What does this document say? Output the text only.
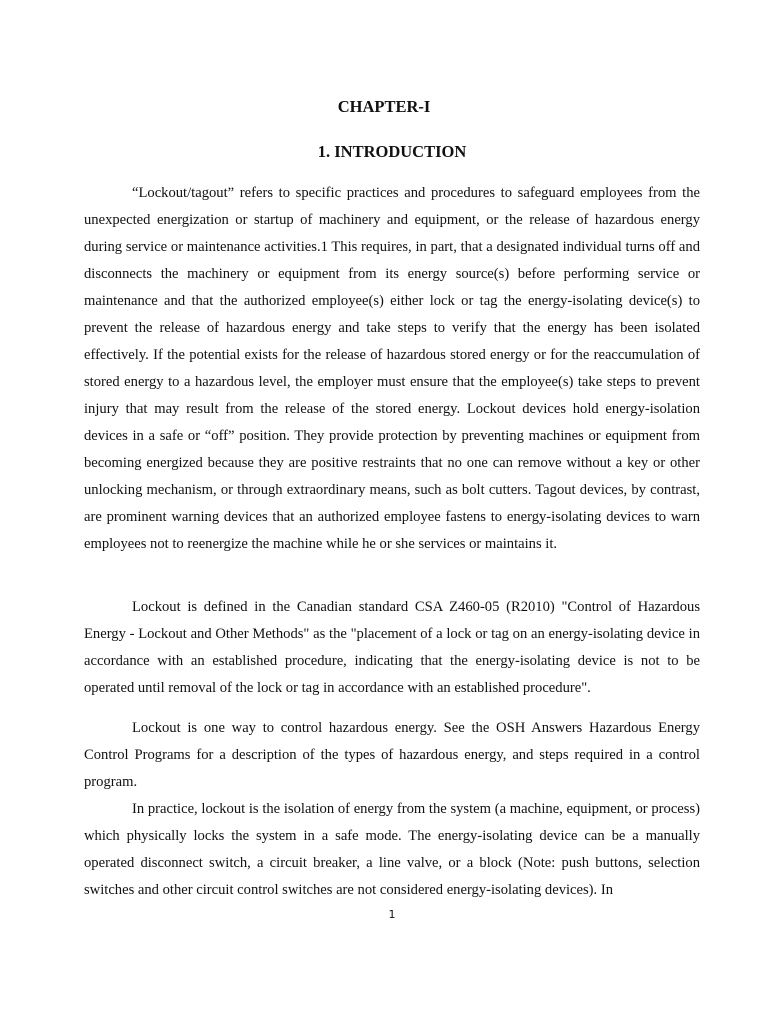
CHAPTER-I
1. INTRODUCTION

“Lockout/tagout” refers to specific practices and procedures to safeguard employees from the unexpected energization or startup of machinery and equipment, or the release of hazardous energy during service or maintenance activities.1 This requires, in part, that a designated individual turns off and disconnects the machinery or equipment from its energy source(s) before performing service or maintenance and that the authorized employee(s) either lock or tag the energy-isolating device(s) to prevent the release of hazardous energy and take steps to verify that the energy has been isolated effectively. If the potential exists for the release of hazardous stored energy or for the reaccumulation of stored energy to a hazardous level, the employer must ensure that the employee(s) take steps to prevent injury that may result from the release of the stored energy. Lockout devices hold energy-isolation devices in a safe or “off” position. They provide protection by preventing machines or equipment from becoming energized because they are positive restraints that no one can remove without a key or other unlocking mechanism, or through extraordinary means, such as bolt cutters. Tagout devices, by contrast, are prominent warning devices that an authorized employee fastens to energy-isolating devices to warn employees not to reenergize the machine while he or she services or maintains it.

Lockout is defined in the Canadian standard CSA Z460-05 (R2010) "Control of Hazardous Energy - Lockout and Other Methods" as the "placement of a lock or tag on an energy-isolating device in accordance with an established procedure, indicating that the energy-isolating device is not to be operated until removal of the lock or tag in accordance with an established procedure".

Lockout is one way to control hazardous energy. See the OSH Answers Hazardous Energy Control Programs for a description of the types of hazardous energy, and steps required in a control program.

In practice, lockout is the isolation of energy from the system (a machine, equipment, or process) which physically locks the system in a safe mode. The energy-isolating device can be a manually operated disconnect switch, a circuit breaker, a line valve, or a block (Note: push buttons, selection switches and other circuit control switches are not considered energy-isolating devices). In

1
